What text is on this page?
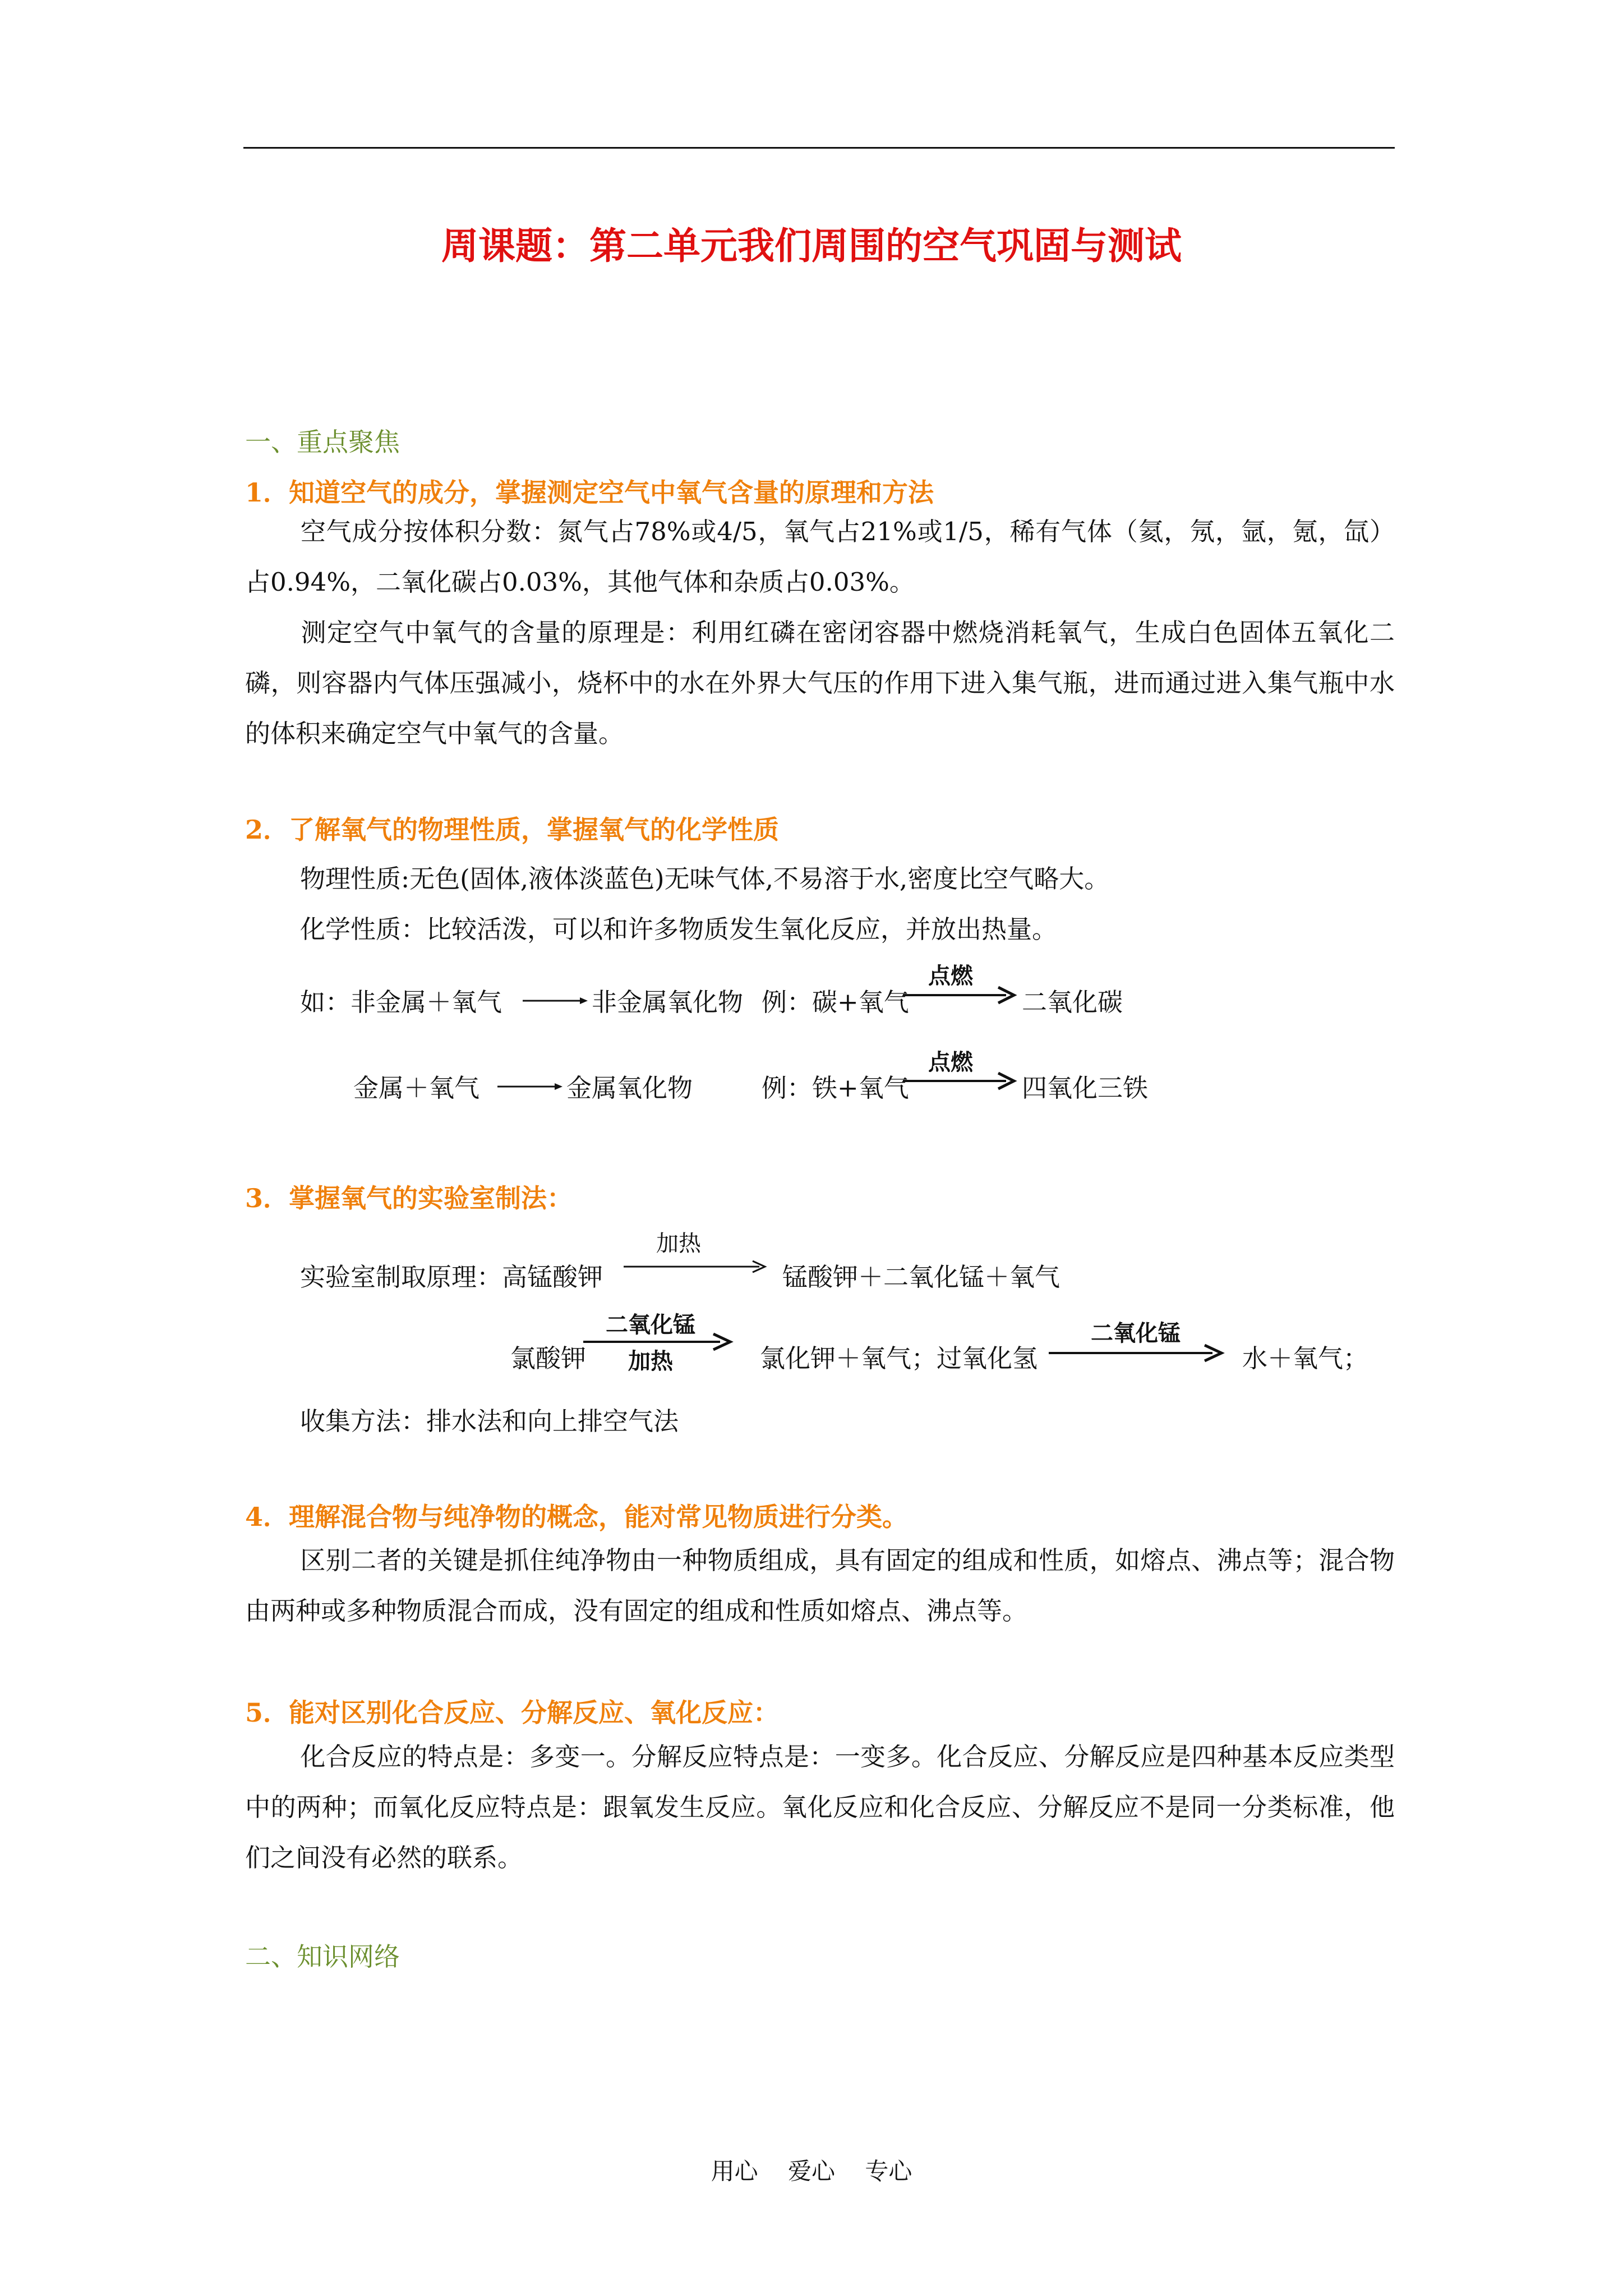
周课题：第二单元我们周围的空气巩固与测试
一、重点聚焦
1．知道空气的成分，掌握测定空气中氧气含量的原理和方法

空气成分按体积分数：氮气占78%或4/5，氧气占21%或1/5，稀有气体（氦，氖，氩，氪，氙）占0.94%，二氧化碳占0.03%，其他气体和杂质占0.03%。

测定空气中氧气的含量的原理是：利用红磷在密闭容器中燃烧消耗氧气，生成白色固体五氧化二磷，则容器内气体压强减小，烧杯中的水在外界大气压的作用下进入集气瓶，进而通过进入集气瓶中水的体积来确定空气中氧气的含量。

2．了解氧气的物理性质，掌握氧气的化学性质
物理性质:无色(固体,液体淡蓝色)无味气体,不易溶于水,密度比空气略大。
化学性质：比较活泼，可以和许多物质发生氧化反应，并放出热量。
如：非金属＋氧气	非金属氧化物 例：碳+氧气
点燃
二氧化碳
金属＋氧气	金属氧化物	例：铁+氧气
点燃
四氧化三铁
3．掌握氧气的实验室制法：
实验室制取原理：高锰酸钾
加热
锰酸钾＋二氧化锰＋氧气
氯酸钾
二氧化锰
加热	氯化钾＋氧气；过氧化氢
二氧化锰
水＋氧气；
收集方法：排水法和向上排空气法
4．理解混合物与纯净物的概念，能对常见物质进行分类。

区别二者的关键是抓住纯净物由一种物质组成，具有固定的组成和性质，如熔点、沸点等；混合物由两种或多种物质混合而成，没有固定的组成和性质如熔点、沸点等。

5．能对区别化合反应、分解反应、氧化反应：

化合反应的特点是：多变一。分解反应特点是：一变多。化合反应、分解反应是四种基本反应类型中的两种；而氧化反应特点是：跟氧发生反应。氧化反应和化合反应、分解反应不是同一分类标准，他们之间没有必然的联系。

二、知识网络
用心 爱心 专心
